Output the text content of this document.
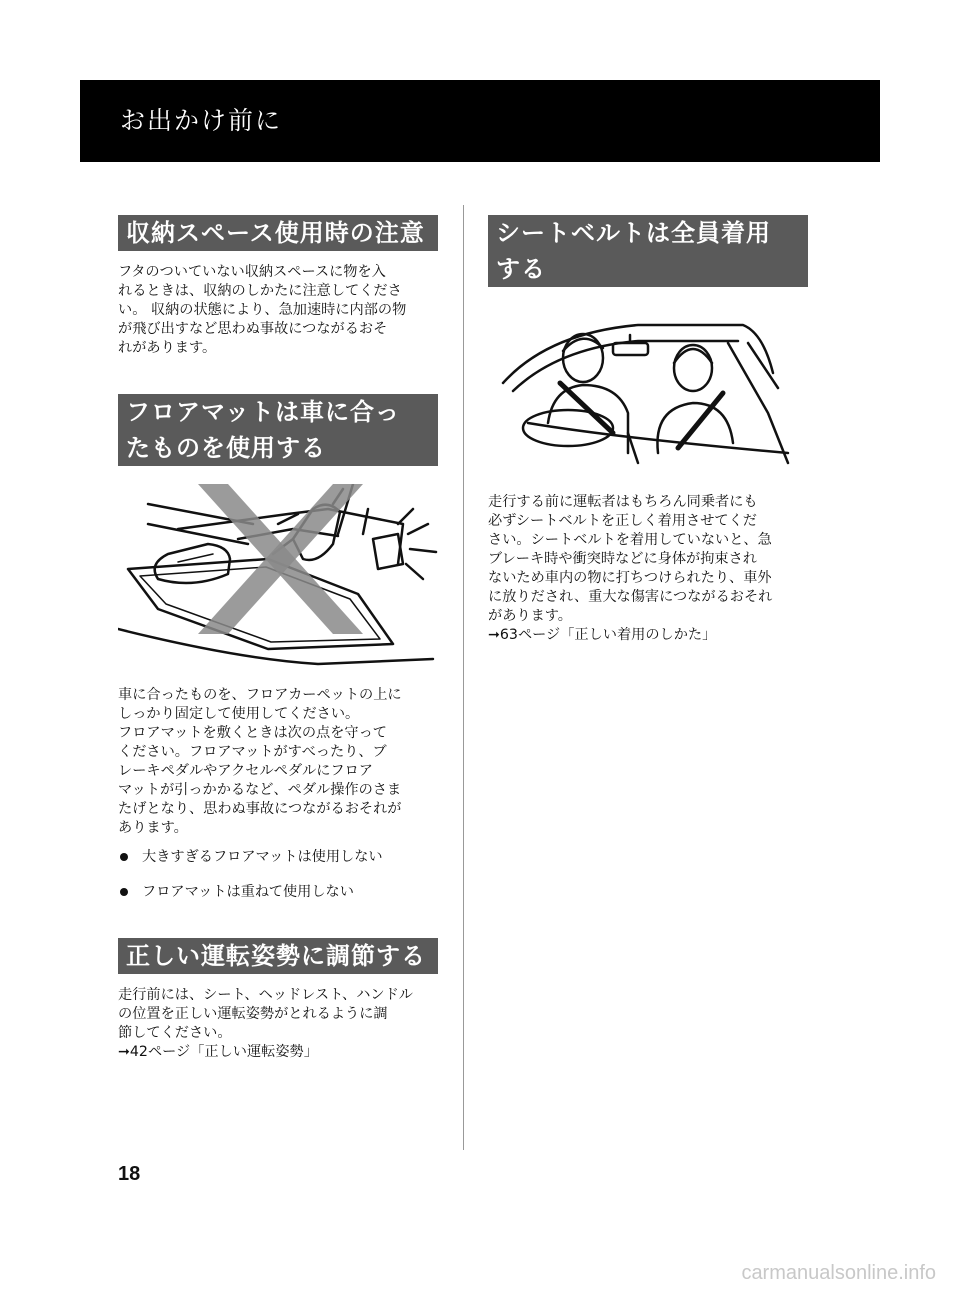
お出かけ前に
収納スペース使用時の注意

フタのついていない収納スペースに物を入
れるときは、収納のしかたに注意してくださ
い。 収納の状態により、急加速時に内部の物
が飛び出すなど思わぬ事故につながるおそ
れがあります。

フロアマットは車に合っ
たものを使用する

車に合ったものを、フロアカーペットの上に
しっかり固定して使用してください。
フロアマットを敷くときは次の点を守って
ください。フロアマットがすべったり、ブ
レーキペダルやアクセルペダルにフロア
マットが引っかかるなど、ペダル操作のさま
たげとなり、思わぬ事故につながるおそれが
あります。

大きすぎるフロアマットは使用しない
フロアマットは重ねて使用しない
正しい運転姿勢に調節する

走行前には、シート、ヘッドレスト、ハンドル
の位置を正しい運転姿勢がとれるように調
節してください。

➞42ページ「正しい運転姿勢」
シートベルトは全員着用
する

走行する前に運転者はもちろん同乗者にも
必ずシートベルトを正しく着用させてくだ
さい。シートベルトを着用していないと、急
ブレーキ時や衝突時などに身体が拘束され
ないため車内の物に打ちつけられたり、車外
に放りだされ、重大な傷害につながるおそれ
があります。

➞63ページ「正しい着用のしかた」
18
carmanualsonline.info
